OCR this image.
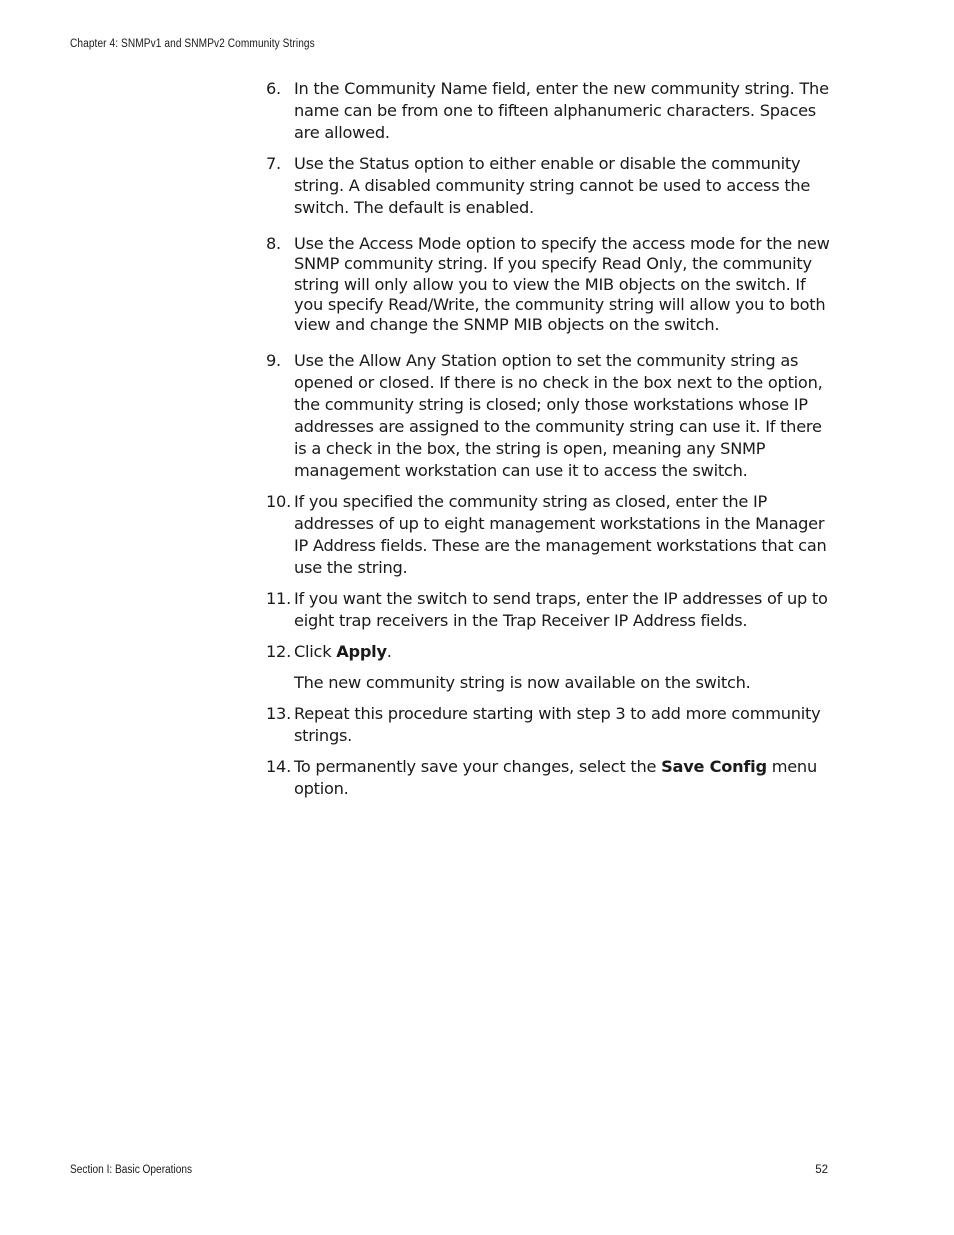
Chapter 4: SNMPv1 and SNMPv2 Community Strings

6. In the Community Name field, enter the new community string. The name can be from one to fifteen alphanumeric characters. Spaces are allowed.

7. Use the Status option to either enable or disable the community string. A disabled community string cannot be used to access the switch. The default is enabled.

8. Use the Access Mode option to specify the access mode for the new SNMP community string. If you specify Read Only, the community string will only allow you to view the MIB objects on the switch. If you specify Read/Write, the community string will allow you to both view and change the SNMP MIB objects on the switch.

9. Use the Allow Any Station option to set the community string as opened or closed. If there is no check in the box next to the option, the community string is closed; only those workstations whose IP addresses are assigned to the community string can use it. If there is a check in the box, the string is open, meaning any SNMP management workstation can use it to access the switch.

10. If you specified the community string as closed, enter the IP addresses of up to eight management workstations in the Manager IP Address fields. These are the management workstations that can use the string.

11. If you want the switch to send traps, enter the IP addresses of up to eight trap receivers in the Trap Receiver IP Address fields.

12. Click Apply.

The new community string is now available on the switch.

13. Repeat this procedure starting with step 3 to add more community strings.

14. To permanently save your changes, select the Save Config menu option.

Section I: Basic Operations	52
